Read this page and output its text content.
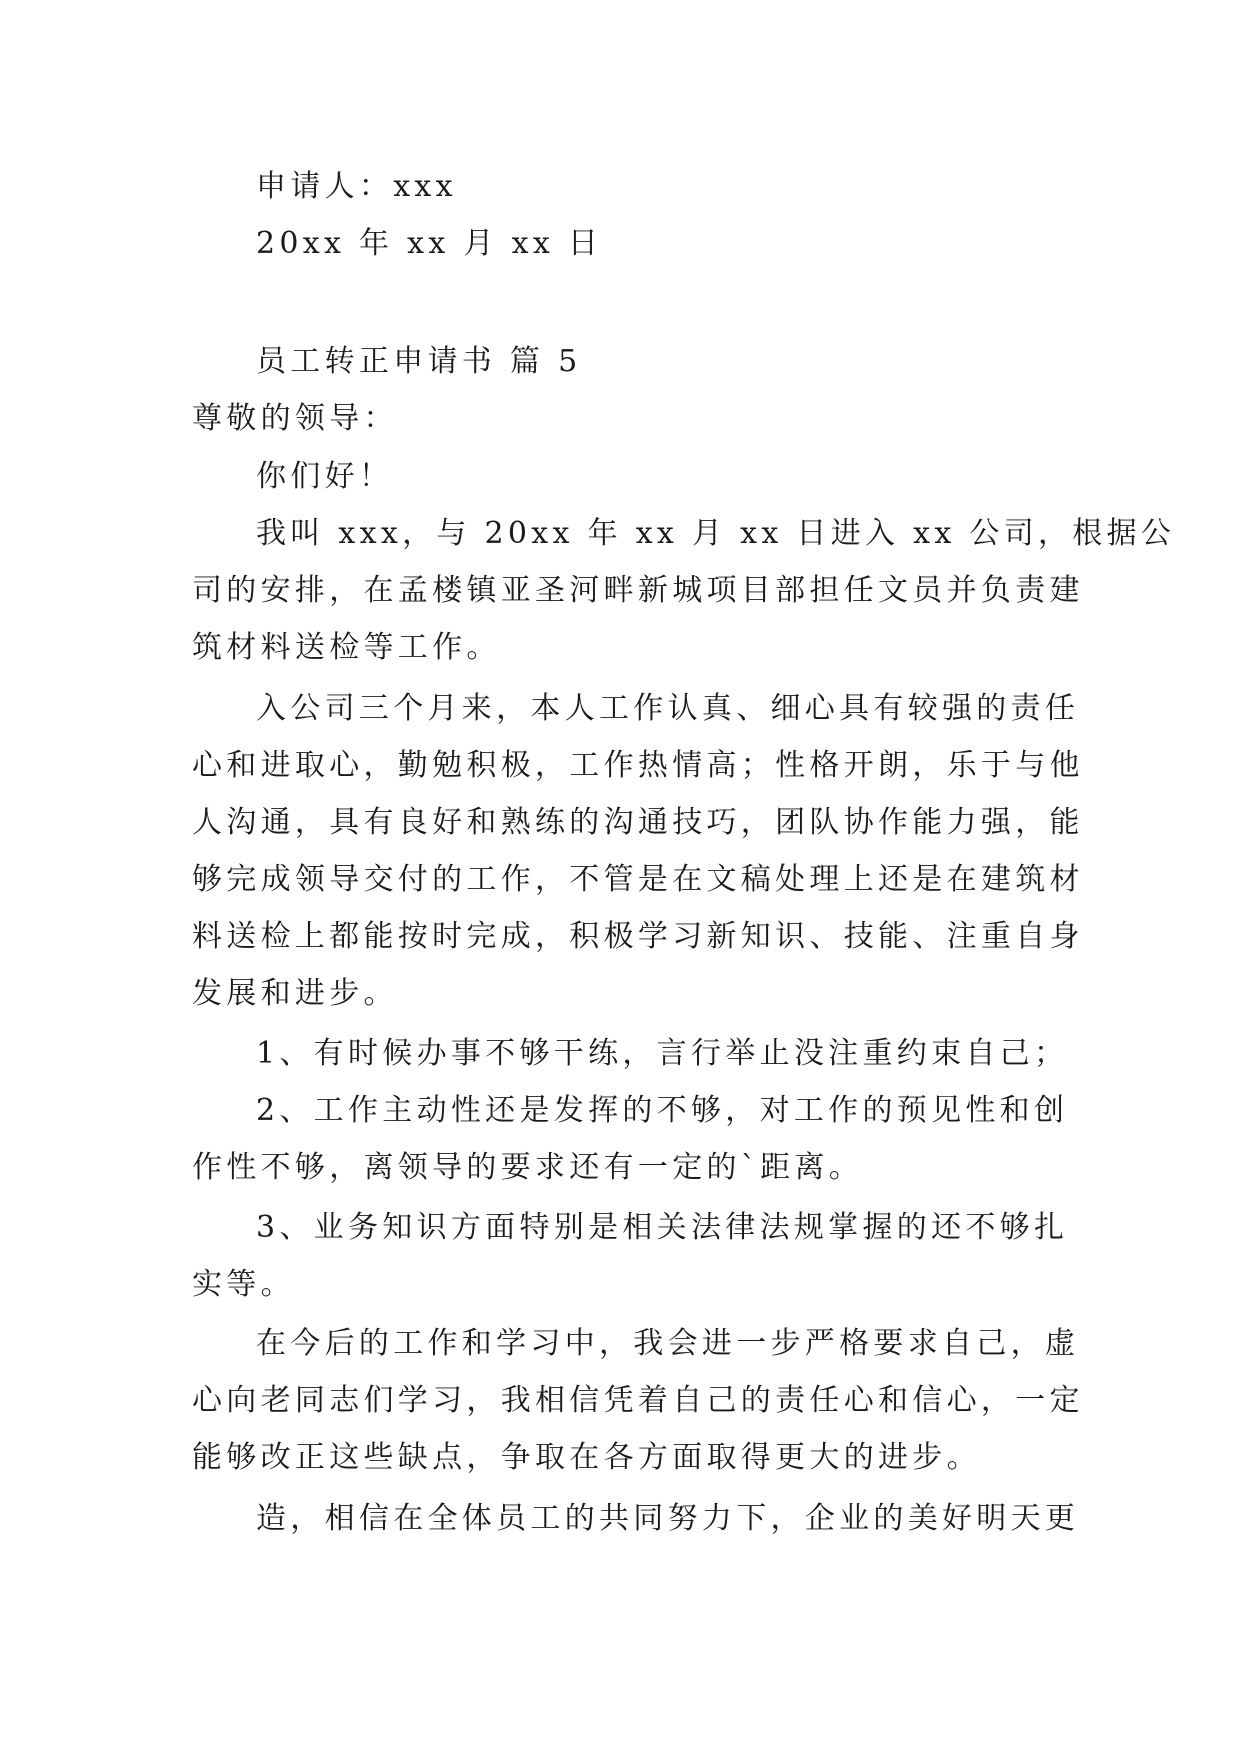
申请人：xxx
20xx 年 xx 月 xx 日
员工转正申请书 篇 5
尊敬的领导：
你们好！
我叫 xxx，与 20xx 年 xx 月 xx 日进入 xx 公司，根据公
司的安排，在孟楼镇亚圣河畔新城项目部担任文员并负责建
筑材料送检等工作。
入公司三个月来，本人工作认真、细心具有较强的责任
心和进取心，勤勉积极，工作热情高；性格开朗，乐于与他
人沟通，具有良好和熟练的沟通技巧，团队协作能力强，能
够完成领导交付的工作，不管是在文稿处理上还是在建筑材
料送检上都能按时完成，积极学习新知识、技能、注重自身
发展和进步。
1、有时候办事不够干练，言行举止没注重约束自己；
2、工作主动性还是发挥的不够，对工作的预见性和创
作性不够，离领导的要求还有一定的`距离。
3、业务知识方面特别是相关法律法规掌握的还不够扎
实等。
在今后的工作和学习中，我会进一步严格要求自己，虚
心向老同志们学习，我相信凭着自己的责任心和信心，一定
能够改正这些缺点，争取在各方面取得更大的进步。
造，相信在全体员工的共同努力下，企业的美好明天更
